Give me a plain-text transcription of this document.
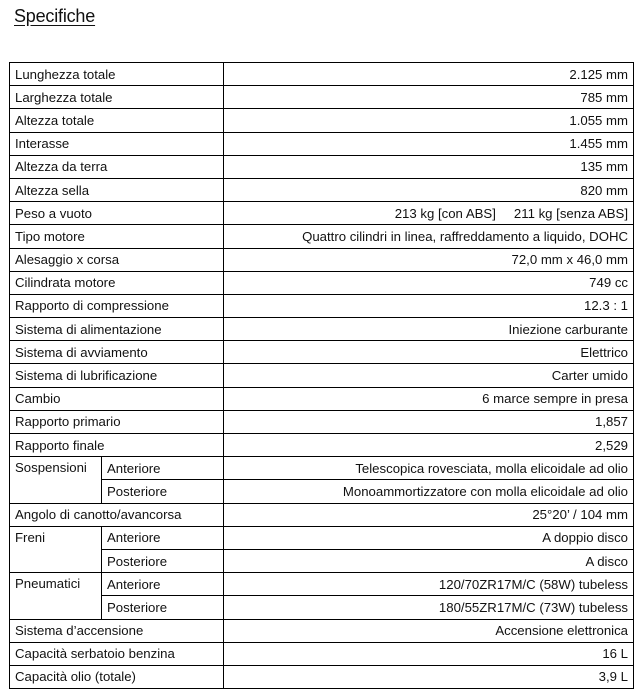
Specifiche
Lunghezza totale		2.125 mm
Larghezza totale		785 mm
Altezza totale		1.055 mm
Interasse		1.455 mm
Altezza da terra		135 mm
Altezza sella		820 mm
Peso a vuoto		213 kg [con ABS] 211 kg [senza ABS]
Tipo motore		Quattro cilindri in linea, raffreddamento a liquido, DOHC
Alesaggio x corsa		72,0 mm x 46,0 mm
Cilindrata motore		749 cc
Rapporto di compressione		12.3 : 1
Sistema di alimentazione		Iniezione carburante
Sistema di avviamento		Elettrico
Sistema di lubrificazione		Carter umido
Cambio		6 marce sempre in presa
Rapporto primario		1,857
Rapporto finale		2,529
Sospensioni	Anteriore	Telescopica rovesciata, molla elicoidale ad olio
	Posteriore	Monoammortizzatore con molla elicoidale ad olio
Angolo di canotto/avancorsa		25°20’ / 104 mm
Freni	Anteriore	A doppio disco
	Posteriore	A disco
Pneumatici	Anteriore	120/70ZR17M/C (58W) tubeless
	Posteriore	180/55ZR17M/C (73W) tubeless
Sistema d’accensione		Accensione elettronica
Capacità serbatoio benzina		16 L
Capacità olio (totale)		3,9 L
